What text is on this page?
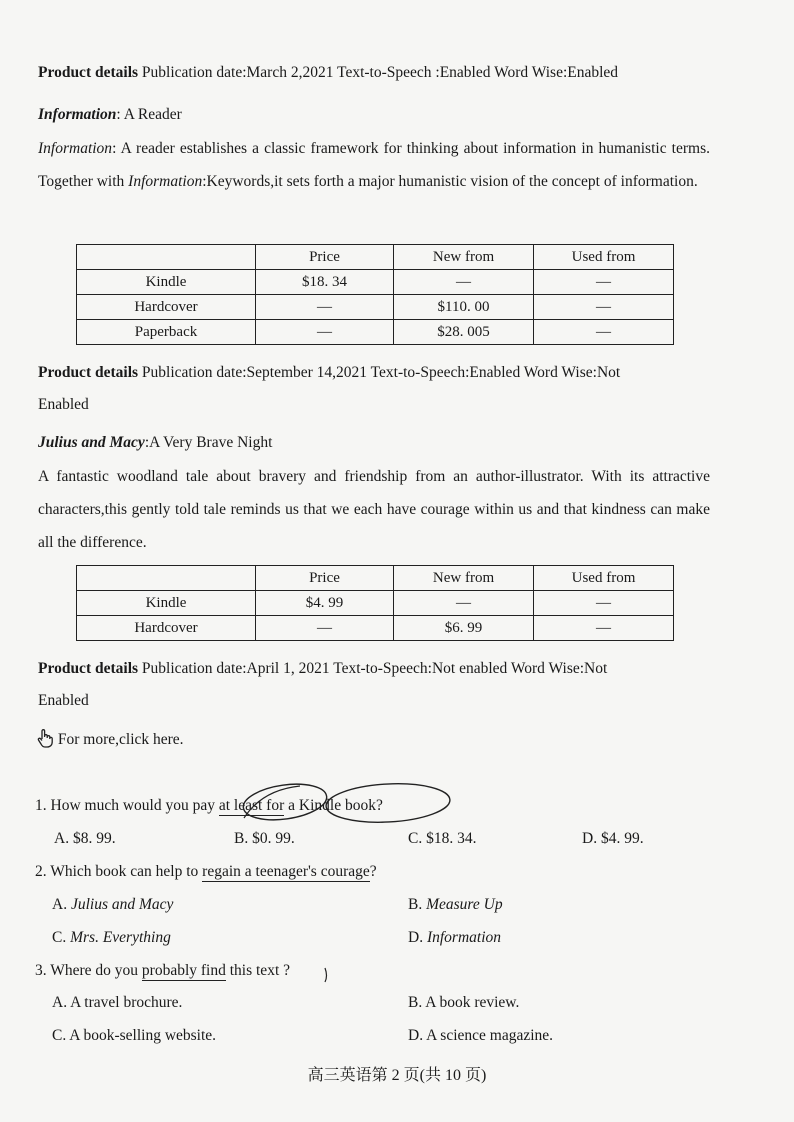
Product details Publication date:March 2,2021 Text-to-Speech :Enabled Word Wise:Enabled
Information: A Reader
Information: A reader establishes a classic framework for thinking about information in humanistic terms. Together with Information:Keywords,it sets forth a major humanistic vision of the concept of information.
	Price	New from	Used from
Kindle	$18. 34	—	—
Hardcover	—	$110. 00	—
Paperback	—	$28. 005	—
Product details Publication date:September 14,2021 Text-to-Speech:Enabled Word Wise:Not
Enabled
Julius and Macy:A Very Brave Night
A fantastic woodland tale about bravery and friendship from an author-illustrator. With its attractive characters,this gently told tale reminds us that we each have courage within us and that kindness can make all the difference.
	Price	New from	Used from
Kindle	$4. 99	—	—
Hardcover	—	$6. 99	—
Product details Publication date:April 1, 2021 Text-to-Speech:Not enabled Word Wise:Not
Enabled
For more,click here.
1. How much would you pay at least for a Kindle book?
A. $8. 99.	B. $0. 99.	C. $18. 34.	D. $4. 99.
2. Which book can help to regain a teenager's courage?
A. Julius and Macy	B. Measure Up
C. Mrs. Everything	D. Information
3. Where do you probably find this text ?
A. A travel brochure.	B. A book review.
C. A book-selling website.	D. A science magazine.
高三英语第 2 页(共 10 页)
